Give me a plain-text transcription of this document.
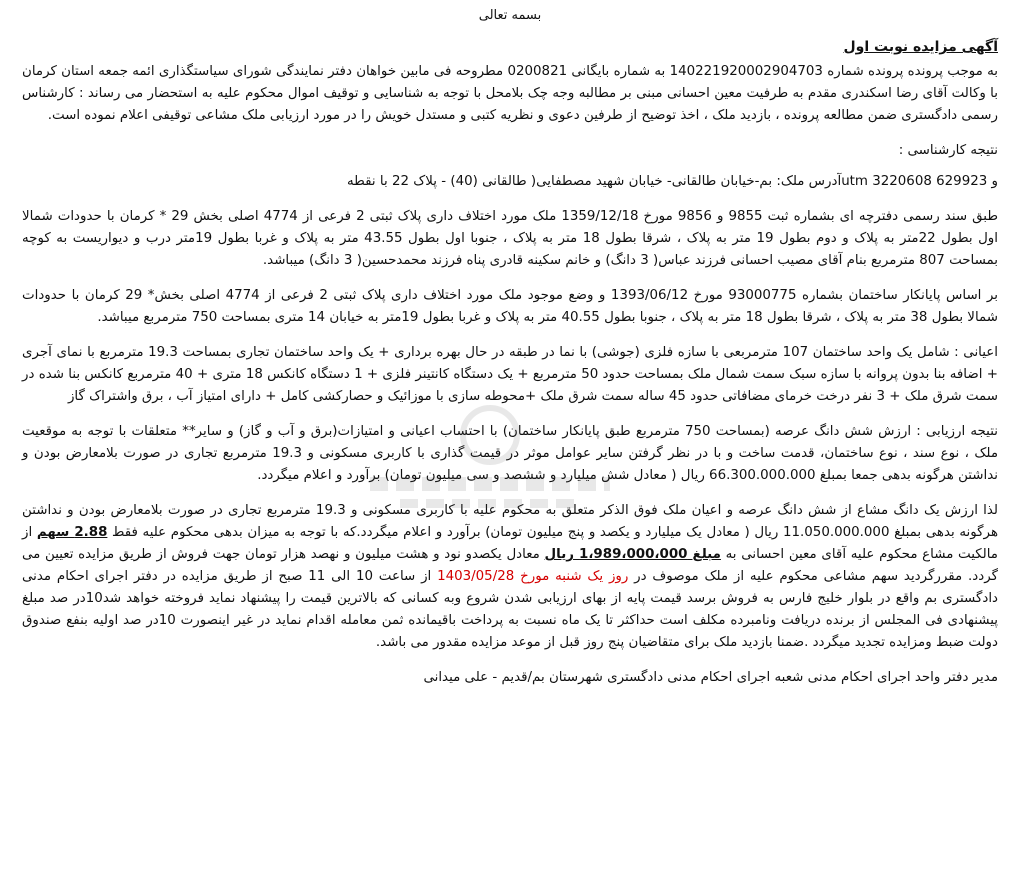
بسمه تعالی
آگهی مزایده نوبت اول

به موجب پرونده پرونده شماره 140221920002904703 به شماره بایگانی 0200821 مطروحه فی مابین خواهان دفتر نمایندگی شورای سیاستگذاری ائمه جمعه استان کرمان با وکالت آقای رضا اسکندری مقدم به طرفیت معین احسانی مبنی بر مطالبه وجه چک بلامحل با توجه به شناسایی و توقیف اموال محکوم علیه به استحضار می رساند : کارشناس رسمی دادگستری ضمن مطالعه پرونده ، بازدید ملک ، اخذ توضیح از طرفین دعوی و نظریه کتبی و مستدل خویش را در مورد ارزیابی ملک مشاعی توقیفی اعلام نموده است.

نتیجه کارشناسی :

و 629923 utm 3220608آدرس ملک: بم-خیابان طالقانی- خیابان شهید مصطفایی( طالقانی (40) - پلاک 22 با نقطه

طبق سند رسمی دفترچه ای بشماره ثبت 9855 و 9856 مورخ 1359/12/18 ملک مورد اختلاف داری پلاک ثبتی 2 فرعی از 4774 اصلی بخش 29 * کرمان با حدودات شمالا اول بطول 22متر به پلاک و دوم بطول 19 متر به پلاک ، شرقا بطول 18 متر به پلاک ، جنوبا اول بطول 43.55 متر به پلاک و غربا بطول 19متر درب و دیواریست به کوچه بمساحت 807 مترمربع بنام آقای مصیب احسانی فرزند عباس( 3 دانگ) و خانم سکینه قادری پناه فرزند محمدحسین( 3 دانگ) میباشد.

بر اساس پایانکار ساختمان بشماره 93000775 مورخ 1393/06/12 و وضع موجود ملک مورد اختلاف داری پلاک ثبتی 2 فرعی از 4774 اصلی بخش* 29 کرمان با حدودات شمالا بطول 38 متر به پلاک ، شرقا بطول 18 متر به پلاک ، جنوبا بطول 40.55 متر به پلاک و غربا بطول 19متر به خیابان 14 متری بمساحت 750 مترمربع میباشد.

اعیانی : شامل یک واحد ساختمان 107 مترمربعی با سازه فلزی (جوشی) با نما در طبقه در حال بهره برداری + یک واحد ساختمان تجاری بمساحت 19.3 مترمربع با نمای آجری + اضافه بنا بدون پروانه با سازه سبک سمت شمال ملک بمساحت حدود 50 مترمربع + یک دستگاه کانتینر فلزی + 1 دستگاه کانکس 18 متری + 40 مترمربع کانکس بنا شده در سمت شرق ملک + 3 نفر درخت خرمای مضافاتی حدود 45 ساله سمت شرق ملک +محوطه سازی با موزائیک و حصارکشی کامل + دارای امتیاز آب ، برق واشتراک گاز

نتیجه ارزیابی : ارزش شش دانگ عرصه (بمساحت 750 مترمربع طبق پایانکار ساختمان) با احتساب اعیانی و امتیازات(برق و آب و گاز) و سایر** متعلقات با توجه به موقعیت ملک ، نوع سند ، نوع ساختمان، قدمت ساخت و با در نظر گرفتن سایر عوامل موثر در قیمت گذاری با کاربری مسکونی و 19.3 مترمربع تجاری در صورت بلامعارض بودن و نداشتن هرگونه بدهی جمعا بمبلغ 66.300.000.000 ریال ( معادل شش میلیارد و ششصد و سی میلیون تومان) برآورد و اعلام میگردد.

لذا ارزش یک دانگ مشاع از شش دانگ عرصه و اعیان ملک فوق الذکر متعلق به محکوم علیه با کاربری مسکونی و 19.3 مترمربع تجاری در صورت بلامعارض بودن و نداشتن هرگونه بدهی بمبلغ 11.050.000.000 ریال ( معادل یک میلیارد و یکصد و پنج میلیون تومان) برآورد و اعلام میگردد.که با توجه به میزان بدهی محکوم علیه فقط 2.88 سهم از مالکیت مشاع محکوم علیه آقای معین احسانی به مبلغ 1،989،000،000 ریال معادل یکصدو نود و هشت میلیون و نهصد هزار تومان جهت فروش از طریق مزایده تعیین می گردد. مقررگردید سهم مشاعی محکوم علیه از ملک موصوف در روز یک شنبه مورخ 1403/05/28 از ساعت 10 الی 11 صبح از طریق مزایده در دفتر اجرای احکام مدنی دادگستری بم واقع در بلوار خلیج فارس به فروش برسد قیمت پایه از بهای ارزیابی شدن شروع وبه کسانی که بالاترین قیمت را پیشنهاد نماید فروخته خواهد شد10در صد مبلغ پیشنهادی فی المجلس از برنده دریافت ونامبرده مکلف است حداکثر تا یک ماه نسبت به پرداخت باقیمانده ثمن معامله اقدام نماید در غیر اینصورت 10در صد اولیه بنفع صندوق دولت ضبط ومزایده تجدید میگردد .ضمنا بازدید ملک برای متقاضیان پنج روز قبل از موعد مزایده مقدور می باشد.

مدیر دفتر واحد اجرای احکام مدنی شعبه اجرای احکام مدنی دادگستری شهرستان بم/قدیم - علی میدانی
